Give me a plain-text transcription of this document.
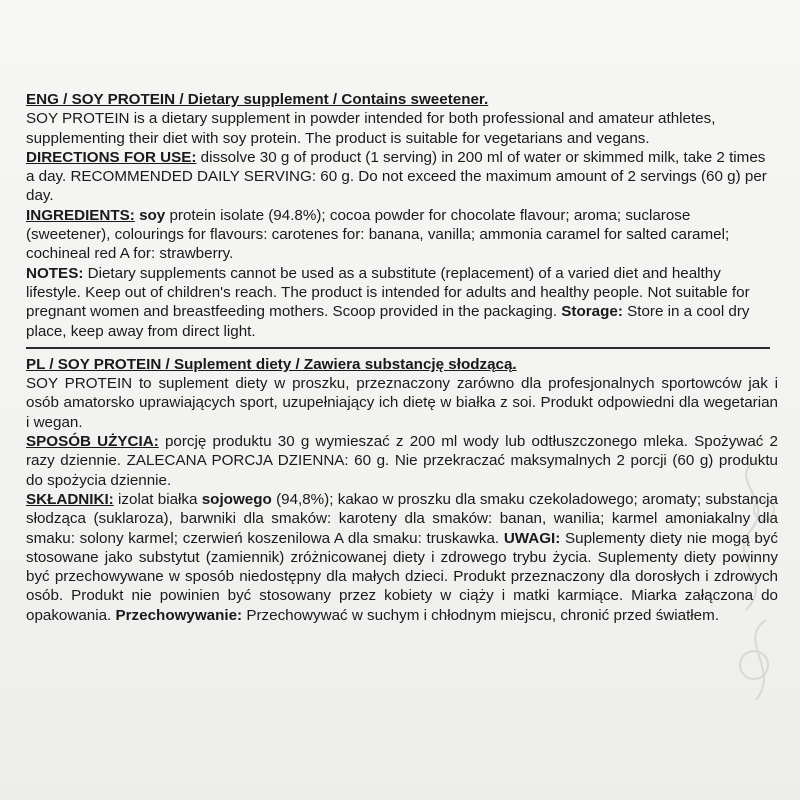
ENG / SOY PROTEIN / Dietary supplement / Contains sweetener.

SOY PROTEIN is a dietary supplement in powder intended for both professional and amateur athletes, supplementing their diet with soy protein. The product is suitable for vegetarians and vegans.

DIRECTIONS FOR USE: dissolve 30 g of product (1 serving) in 200 ml of water or skimmed milk, take 2 times a day. RECOMMENDED DAILY SERVING: 60 g. Do not exceed the maximum amount of 2 servings (60 g) per day.

INGREDIENTS: soy protein isolate (94.8%); cocoa powder for chocolate flavour; aroma; suclarose (sweetener), colourings for flavours: carotenes for: banana, vanilla; ammonia caramel for salted caramel; cochineal red A for: strawberry.

NOTES: Dietary supplements cannot be used as a substitute (replacement) of a varied diet and healthy lifestyle. Keep out of children's reach. The product is intended for adults and healthy people. Not suitable for pregnant women and breastfeeding mothers. Scoop provided in the packaging. Storage: Store in a cool dry place, keep away from direct light.

PL / SOY PROTEIN / Suplement diety / Zawiera substancję słodzącą.

SOY PROTEIN to suplement diety w proszku, przeznaczony zarówno dla profesjonalnych sportowców jak i osób amatorsko uprawiających sport, uzupełniający ich dietę w białka z soi. Produkt odpowiedni dla wegetarian i wegan.

SPOSÓB UŻYCIA: porcję produktu 30 g wymieszać z 200 ml wody lub odtłuszczonego mleka. Spożywać 2 razy dziennie. ZALECANA PORCJA DZIENNA: 60 g. Nie przekraczać maksymalnych 2 porcji (60 g) produktu do spożycia dziennie.

SKŁADNIKI: izolat białka sojowego (94,8%); kakao w proszku dla smaku czekoladowego; aromaty; substancja słodząca (suklaroza), barwniki dla smaków: karoteny dla smaków: banan, wanilia; karmel amoniakalny dla smaku: solony karmel; czerwień koszenilowa A dla smaku: truskawka. UWAGI: Suplementy diety nie mogą być stosowane jako substytut (zamiennik) zróżnicowanej diety i zdrowego trybu życia. Suplementy diety powinny być przechowywane w sposób niedostępny dla małych dzieci. Produkt przeznaczony dla dorosłych i zdrowych osób. Produkt nie powinien być stosowany przez kobiety w ciąży i matki karmiące. Miarka załączona do opakowania. Przechowywanie: Przechowywać w suchym i chłodnym miejscu, chronić przed światłem.
